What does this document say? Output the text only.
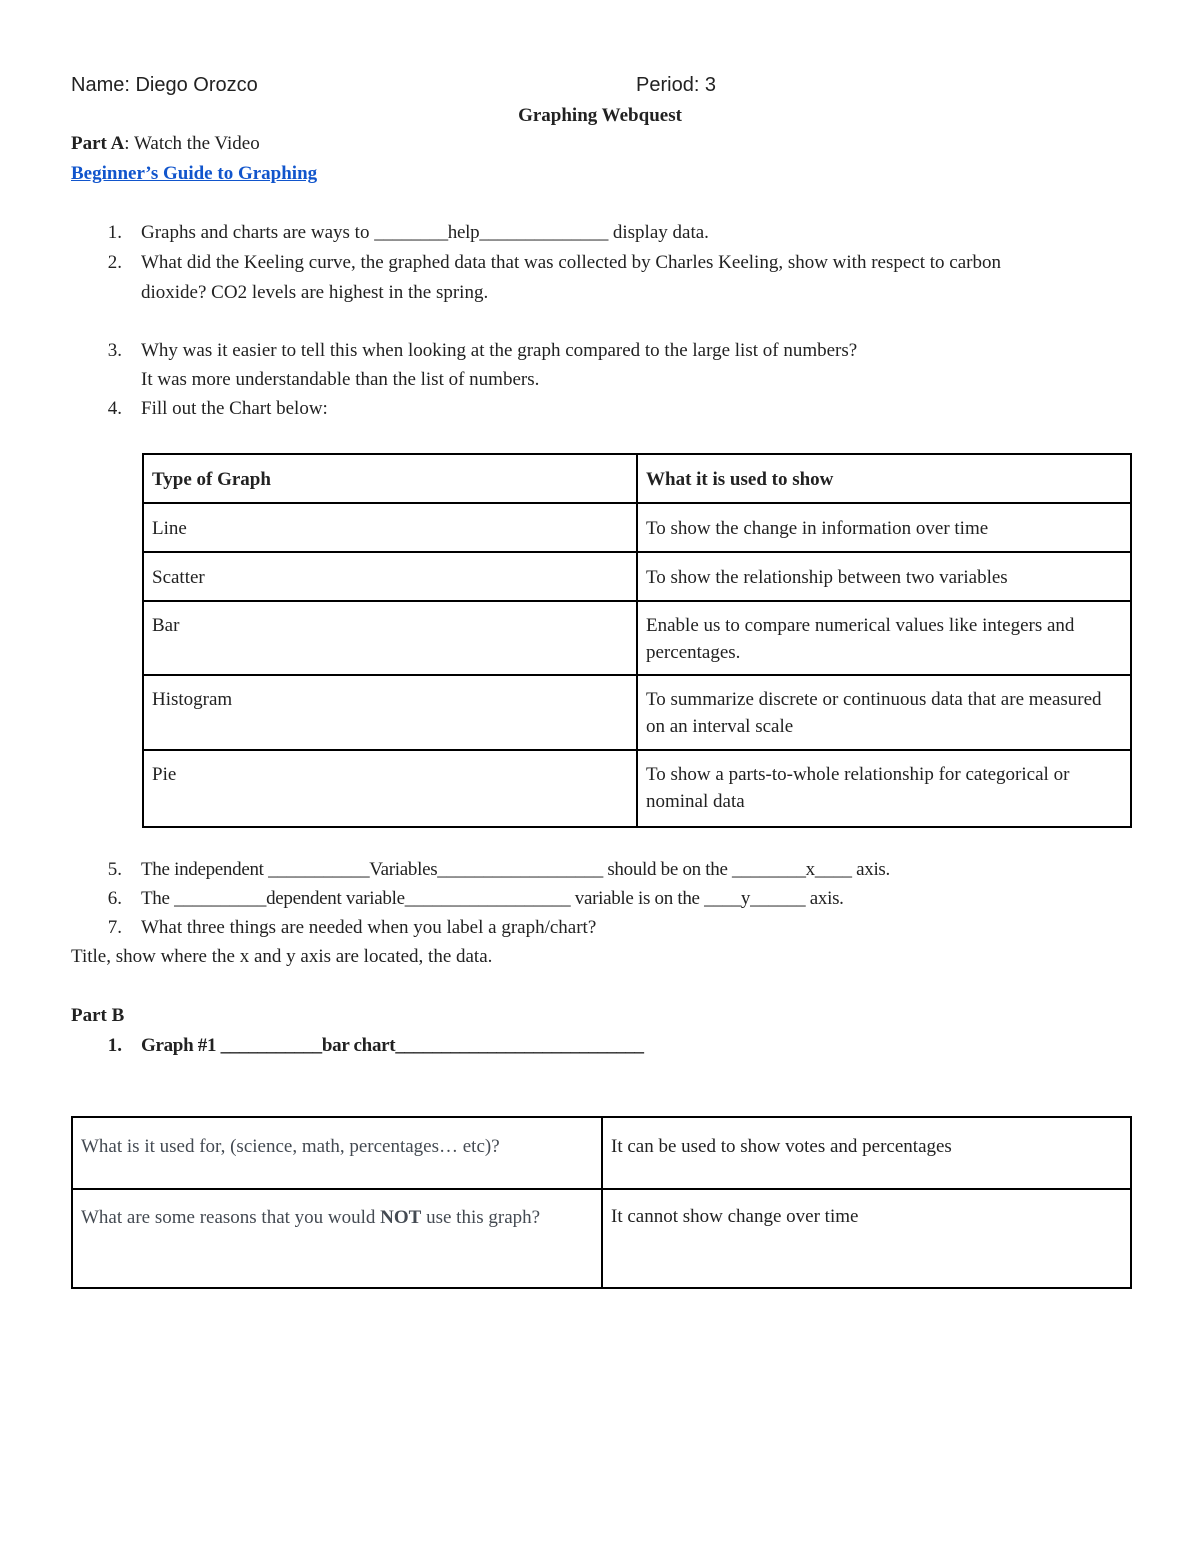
Name: Diego Orozco	Period: 3
Graphing Webquest
Part A: Watch the Video
Beginner’s Guide to Graphing
1. Graphs and charts are ways to ________help______________ display data.
2. What did the Keeling curve, the graphed data that was collected by Charles Keeling, show with respect to carbon
dioxide? CO2 levels are highest in the spring.
3. Why was it easier to tell this when looking at the graph compared to the large list of numbers?
It was more understandable than the list of numbers.
4. Fill out the Chart below:
Type of Graph	What it is used to show
Line	To show the change in information over time
Scatter	To show the relationship between two variables
Bar	Enable us to compare numerical values like integers and percentages.
Histogram	To summarize discrete or continuous data that are measured on an interval scale
Pie	To show a parts-to-whole relationship for categorical or nominal data
5. The independent ___________Variables__________________ should be on the ________x____ axis.
6. The __________dependent variable__________________ variable is on the ____y______ axis.
7. What three things are needed when you label a graph/chart?
Title, show where the x and y axis are located, the data.
Part B
1. Graph #1 ___________bar chart___________________________
What is it used for, (science, math, percentages… etc)?	It can be used to show votes and percentages
What are some reasons that you would NOT use this graph?	It cannot show change over time
